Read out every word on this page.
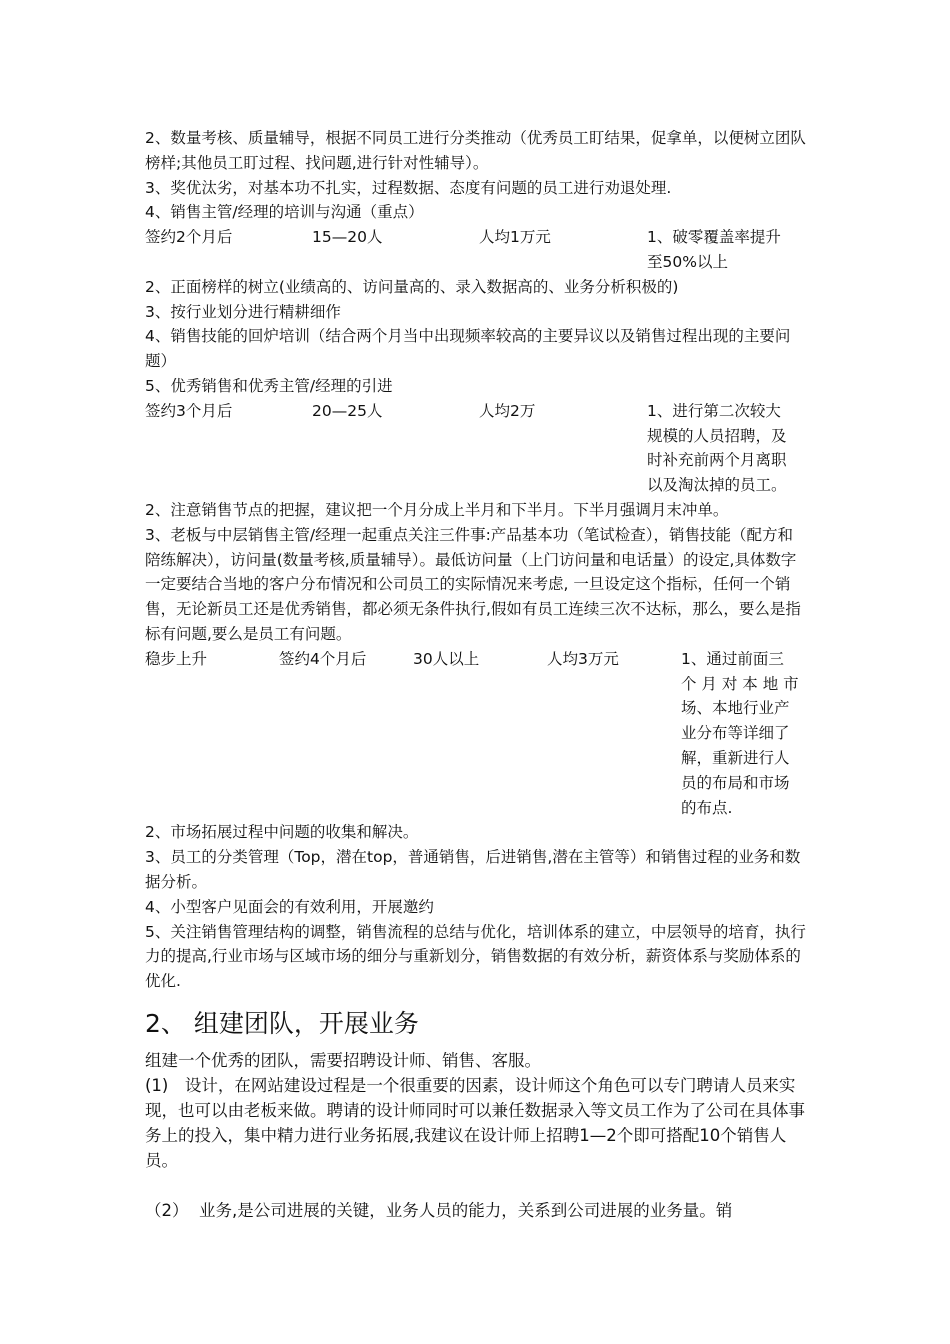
2、数量考核、质量辅导，根据不同员工进行分类推动（优秀员工盯结果，促拿单，以便树立团队榜样;其他员工盯过程、找问题,进行针对性辅导）。

3、奖优汰劣，对基本功不扎实，过程数据、态度有问题的员工进行劝退处理.

4、销售主管/经理的培训与沟通（重点）

签约2个月后	15—20人	人均1万元	1、破零覆盖率提升
至50%以上

2、正面榜样的树立(业绩高的、访问量高的、录入数据高的、业务分析积极的)

3、按行业划分进行精耕细作

4、销售技能的回炉培训（结合两个月当中出现频率较高的主要异议以及销售过程出现的主要问题）

5、优秀销售和优秀主管/经理的引进

签约3个月后	20—25人	人均2万	1、进行第二次较大
规模的人员招聘，及
时补充前两个月离职
以及淘汰掉的员工。

2、注意销售节点的把握，建议把一个月分成上半月和下半月。下半月强调月末冲单。

3、老板与中层销售主管/经理一起重点关注三件事:产品基本功（笔试检查），销售技能（配方和陪练解决），访问量(数量考核,质量辅导）。最低访问量（上门访问量和电话量）的设定,具体数字一定要结合当地的客户分布情况和公司员工的实际情况来考虑, 一旦设定这个指标，任何一个销售，无论新员工还是优秀销售，都必须无条件执行,假如有员工连续三次不达标，那么，要么是指标有问题,要么是员工有问题。

稳步上升	签约4个月后	30人以上	人均3万元	1、通过前面三
个 月 对 本 地 市
场、本地行业产
业分布等详细了
解，重新进行人
员的布局和市场
的布点.

2、市场拓展过程中问题的收集和解决。

3、员工的分类管理（Top，潜在top，普通销售，后进销售,潜在主管等）和销售过程的业务和数据分析。

4、小型客户见面会的有效利用，开展邀约

5、关注销售管理结构的调整，销售流程的总结与优化，培训体系的建立，中层领导的培育，执行力的提高,行业市场与区域市场的细分与重新划分，销售数据的有效分析，薪资体系与奖励体系的优化.

2、 组建团队，开展业务

组建一个优秀的团队，需要招聘设计师、销售、客服。

(1)　设计，在网站建设过程是一个很重要的因素，设计师这个角色可以专门聘请人员来实现，也可以由老板来做。聘请的设计师同时可以兼任数据录入等文员工作为了公司在具体事务上的投入，集中精力进行业务拓展,我建议在设计师上招聘1—2个即可搭配10个销售人员。

（2）  业务,是公司进展的关键，业务人员的能力，关系到公司进展的业务量。销
